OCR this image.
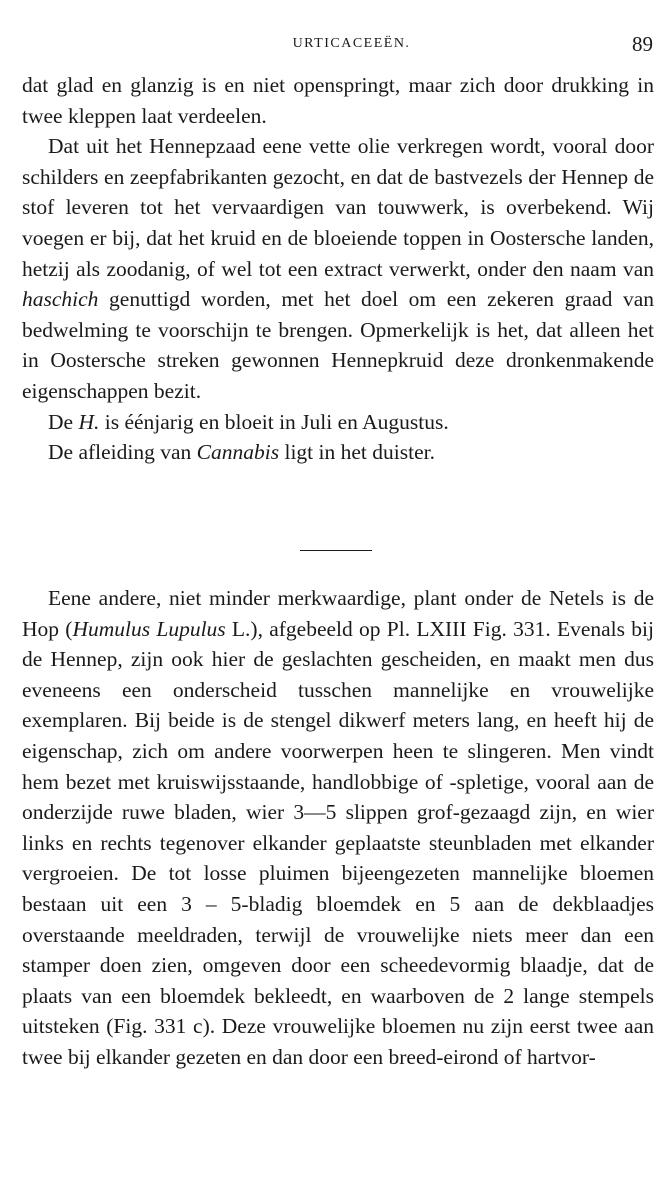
URTICACEEËN.	89

dat glad en glanzig is en niet openspringt, maar zich door drukking in twee kleppen laat verdeelen.

Dat uit het Hennepzaad eene vette olie verkregen wordt, vooral door schilders en zeepfabrikanten gezocht, en dat de bastvezels der Hennep de stof leveren tot het vervaardigen van touwwerk, is overbekend. Wij voegen er bij, dat het kruid en de bloeiende toppen in Oostersche landen, hetzij als zoodanig, of wel tot een extract verwerkt, onder den naam van haschich genuttigd worden, met het doel om een zekeren graad van bedwelming te voorschijn te brengen. Opmerkelijk is het, dat alleen het in Oostersche streken gewonnen Hennepkruid deze dronkenmakende eigenschappen bezit.

De H. is éénjarig en bloeit in Juli en Augustus.

De afleiding van Cannabis ligt in het duister.

Eene andere, niet minder merkwaardige, plant onder de Netels is de Hop (Humulus Lupulus L.), afgebeeld op Pl. LXIII Fig. 331. Evenals bij de Hennep, zijn ook hier de geslachten gescheiden, en maakt men dus eveneens een onderscheid tusschen mannelijke en vrouwelijke exemplaren. Bij beide is de stengel dikwerf meters lang, en heeft hij de eigenschap, zich om andere voorwerpen heen te slingeren. Men vindt hem bezet met kruiswijsstaande, handlobbige of -spletige, vooral aan de onderzijde ruwe bladen, wier 3—5 slippen grof-gezaagd zijn, en wier links en rechts tegenover elkander geplaatste steunbladen met elkander vergroeien. De tot losse pluimen bijeengezeten mannelijke bloemen bestaan uit een 3 – 5-bladig bloemdek en 5 aan de dekblaadjes overstaande meeldraden, terwijl de vrouwelijke niets meer dan een stamper doen zien, omgeven door een scheedevormig blaadje, dat de plaats van een bloemdek bekleedt, en waarboven de 2 lange stempels uitsteken (Fig. 331 c). Deze vrouwelijke bloemen nu zijn eerst twee aan twee bij elkander gezeten en dan door een breed-eirond of hartvor-
